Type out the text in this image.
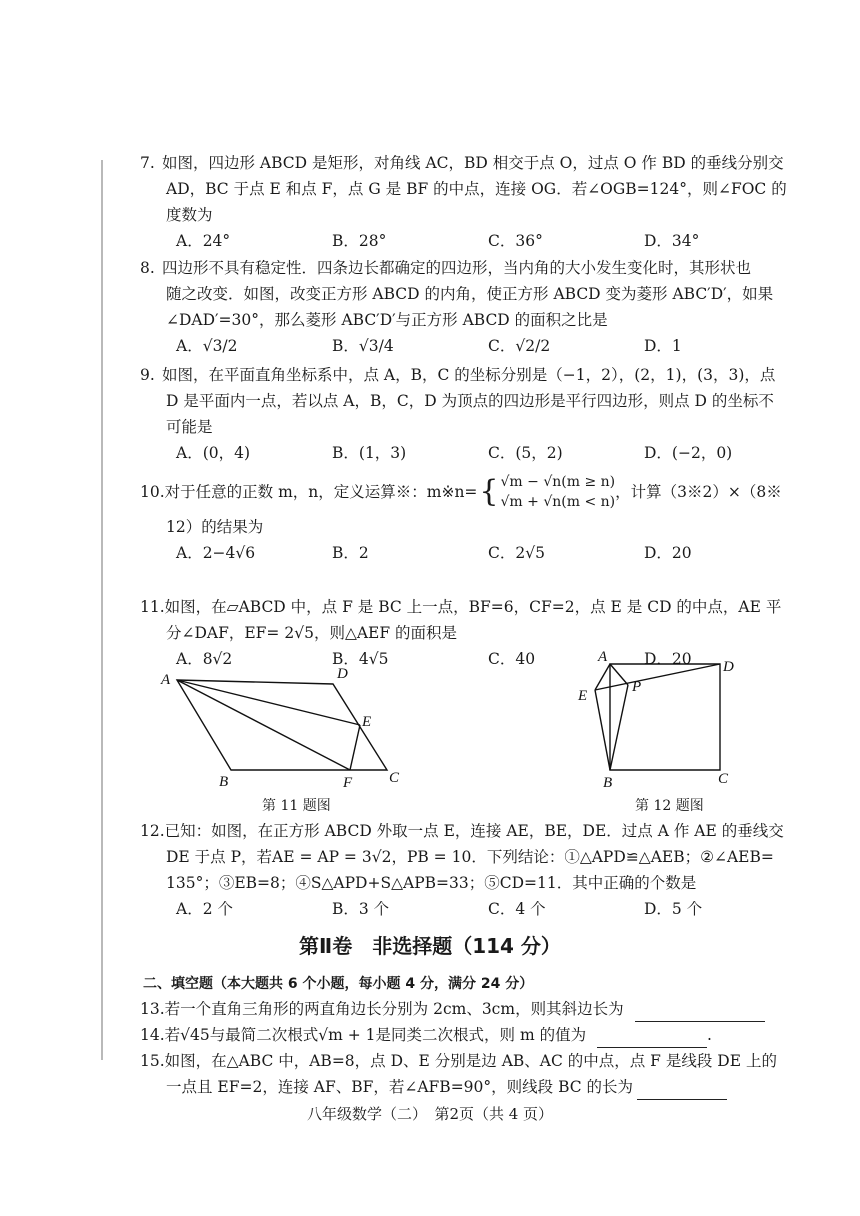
7. 如图，四边形 ABCD 是矩形，对角线 AC，BD 相交于点 O，过点 O 作 BD 的垂线分别交
AD，BC 于点 E 和点 F，点 G 是 BF 的中点，连接 OG．若∠OGB=124°，则∠FOC 的
度数为
A．24°	B．28°	C．36°	D．34°
8. 四边形不具有稳定性．四条边长都确定的四边形，当内角的大小发生变化时，其形状也
随之改变．如图，改变正方形 ABCD 的内角，使正方形 ABCD 变为菱形 ABC′D′，如果
∠DAD′=30°，那么菱形 ABC′D′与正方形 ABCD 的面积之比是
A．√3/2	B．√3/4	C．√2/2	D．1
9. 如图，在平面直角坐标系中，点 A，B，C 的坐标分别是（−1，2），(2，1)，(3，3)，点
D 是平面内一点，若以点 A，B，C，D 为顶点的四边形是平行四边形，则点 D 的坐标不
可能是
A．(0，4)	B．(1，3)	C．(5，2)	D．(−2，0)
10. 对于任意的正数 m，n，定义运算※：m※n= { √m − √n(m ≥ n)
√m + √n(m < n)
，计算（3※2）×（8※
12）的结果为
A．2−4√6	B．2	C．2√5	D．20
11.如图，在▱ABCD 中，点 F 是 BC 上一点，BF=6，CF=2，点 E 是 CD 的中点，AE 平
分∠DAF，EF= 2√5，则△AEF 的面积是
A．8√2	B．4√5	C．40	D．20
A	D
E
B	F C
第 11 题图
A
D
E
P
B	C
第 12 题图
12.已知：如图，在正方形 ABCD 外取一点 E，连接 AE，BE，DE．过点 A 作 AE 的垂线交
DE 于点 P，若AE = AP = 3√2，PB = 10．下列结论：①△APD≌△AEB；②∠AEB=
135°；③EB=8；④S△APD+S△APB=33；⑤CD=11．其中正确的个数是
A．2 个	B．3 个	C．4 个	D．5 个
第Ⅱ卷　非选择题（114 分）
二、填空题（本大题共 6 个小题，每小题 4 分，满分 24 分）
13.若一个直角三角形的两直角边长分别为 2cm、3cm，则其斜边长为
14.若√45与最简二次根式√m + 1是同类二次根式，则 m 的值为	.
15.如图，在△ABC 中，AB=8，点 D、E 分别是边 AB、AC 的中点，点 F 是线段 DE 上的
一点且 EF=2，连接 AF、BF，若∠AFB=90°，则线段 BC 的长为
八年级数学（二）　第2页（共 4 页）
